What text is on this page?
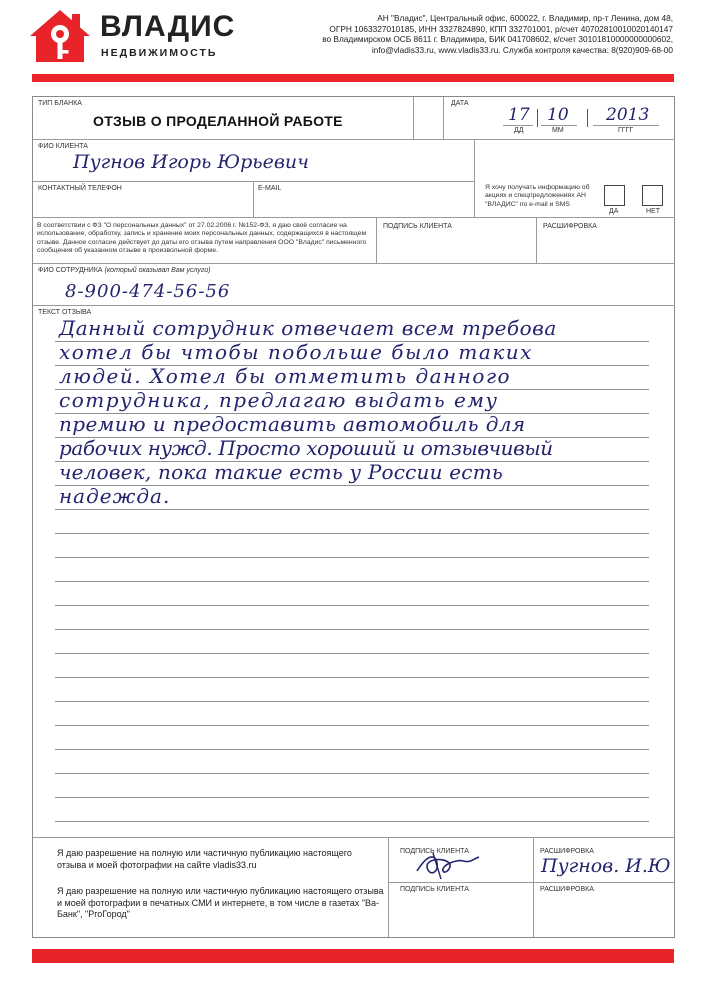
ВЛАДИС
НЕДВИЖИМОСТЬ
АН "Владис", Центральный офис, 600022, г. Владимир, пр-т Ленина, дом 48,
ОГРН 1063327010185, ИНН 3327824890, КПП 332701001, р/счет 40702810010020140147
во Владимирском ОСБ 8611 г. Владимира, БИК 041708602, к/счет 30101810000000000602,
info@vladis33.ru, www.vladis33.ru. Служба контроля качества: 8(920)909-68-00
ТИП БЛАНКА
ОТЗЫВ О ПРОДЕЛАННОЙ РАБОТЕ
ДАТА
17 10 2013
ДД	ММ	ГГГГ
ФИО КЛИЕНТА
Пугнов Игорь Юрьевич
КОНТАКТНЫЙ ТЕЛЕФОН	E-MAIL	Я хочу получать информацию об акциях и спецпредложениях АН "ВЛАДИС" по e-mail и SMS
ДА	НЕТ
В соответствии с ФЗ "О персональных данных" от 27.02.2006 г. №152-ФЗ, я даю своё согласие на использование, обработку, запись и хранение моих персональных данных, содержащихся в настоящем отзыве. Данное согласие действует до даты его отзыва путем направления ООО "Владис" письменного сообщения об указанном отзыве в произвольной форме.
ПОДПИСЬ КЛИЕНТА	РАСШИФРОВКА
ФИО СОТРУДНИКА (который оказывал Вам услуги)
8-900-474-56-56
ТЕКСТ ОТЗЫВА
Данный сотрудник отвечает всем требова
хотел бы чтобы побольше было таких
людей. Хотел бы отметить данного
сотрудника, предлагаю выдать ему
премию и предоставить автомобиль для
рабочих нужд. Просто хороший и отзывчивый
человек, пока такие есть у России есть
надежда.
Я даю разрешение на полную или частичную публикацию настоящего отзыва и моей фотографии на сайте vladis33.ru
ПОДПИСЬ КЛИЕНТА	РАСШИФРОВКА
Пугнов. И.Ю
Я даю разрешение на полную или частичную публикацию настоящего отзыва и моей фотографии в печатных СМИ и интернете, в том числе в газетах "Ва-Банк", "РгоГород"
ПОДПИСЬ КЛИЕНТА	РАСШИФРОВКА
